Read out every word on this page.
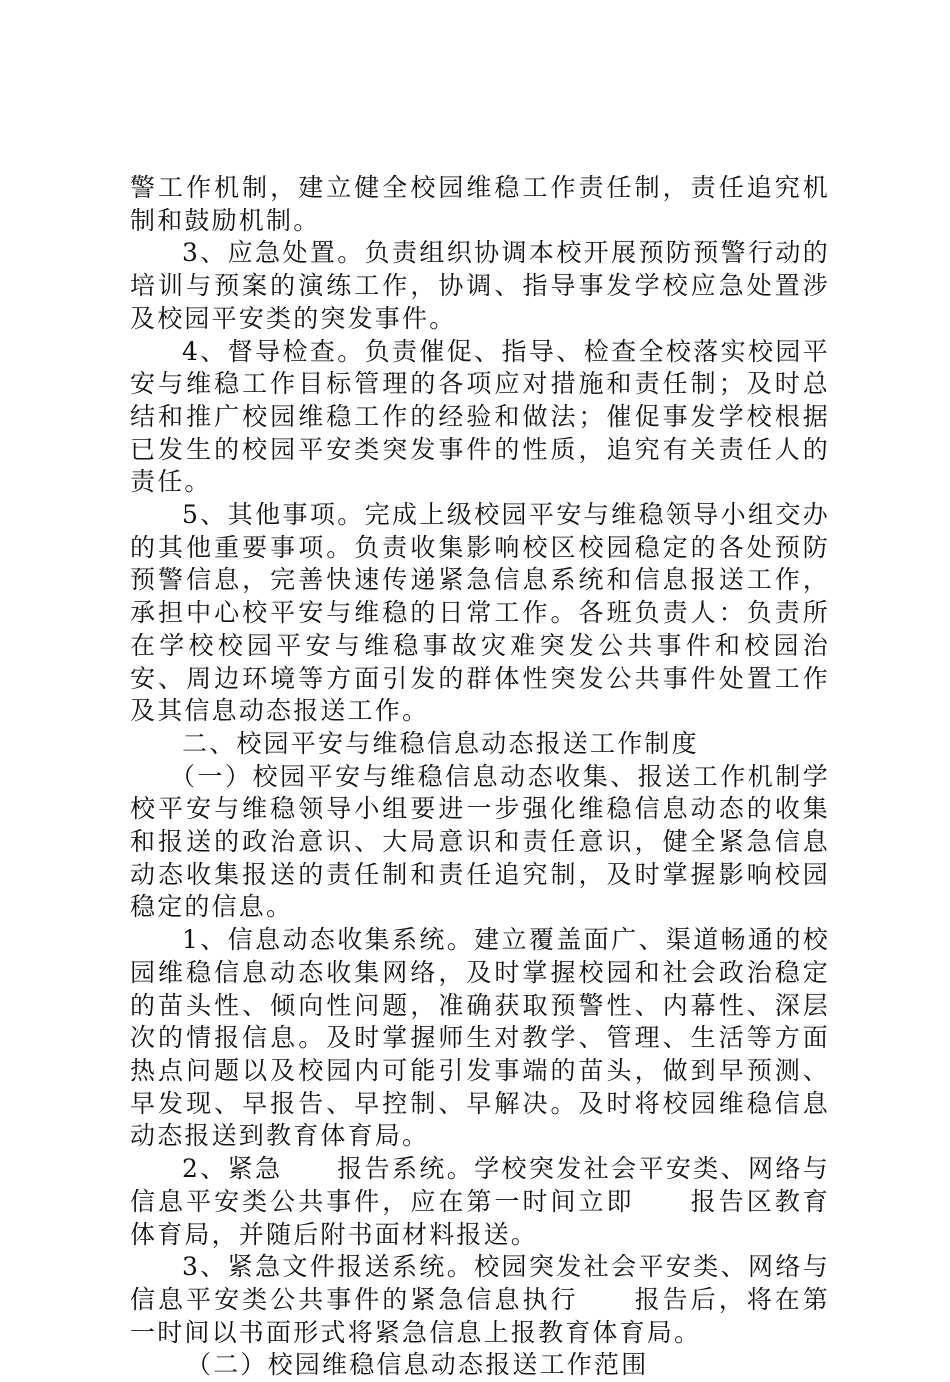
警工作机制，建立健全校园维稳工作责任制，责任追究机制和鼓励机制。

3、应急处置。负责组织协调本校开展预防预警行动的培训与预案的演练工作，协调、指导事发学校应急处置涉及校园平安类的突发事件。

4、督导检查。负责催促、指导、检查全校落实校园平安与维稳工作目标管理的各项应对措施和责任制；及时总结和推广校园维稳工作的经验和做法；催促事发学校根据已发生的校园平安类突发事件的性质，追究有关责任人的责任。

5、其他事项。完成上级校园平安与维稳领导小组交办的其他重要事项。负责收集影响校区校园稳定的各处预防预警信息，完善快速传递紧急信息系统和信息报送工作，承担中心校平安与维稳的日常工作。各班负责人：负责所在学校校园平安与维稳事故灾难突发公共事件和校园治安、周边环境等方面引发的群体性突发公共事件处置工作及其信息动态报送工作。

二、校园平安与维稳信息动态报送工作制度

（一）校园平安与维稳信息动态收集、报送工作机制学校平安与维稳领导小组要进一步强化维稳信息动态的收集和报送的政治意识、大局意识和责任意识，健全紧急信息动态收集报送的责任制和责任追究制，及时掌握影响校园稳定的信息。

1、信息动态收集系统。建立覆盖面广、渠道畅通的校园维稳信息动态收集网络，及时掌握校园和社会政治稳定的苗头性、倾向性问题，准确获取预警性、内幕性、深层次的情报信息。及时掌握师生对教学、管理、生活等方面热点问题以及校园内可能引发事端的苗头，做到早预测、早发现、早报告、早控制、早解决。及时将校园维稳信息动态报送到教育体育局。

2、紧急　　报告系统。学校突发社会平安类、网络与信息平安类公共事件，应在第一时间立即　　报告区教育体育局，并随后附书面材料报送。

3、紧急文件报送系统。校园突发社会平安类、网络与信息平安类公共事件的紧急信息执行　　报告后，将在第一时间以书面形式将紧急信息上报教育体育局。

（二）校园维稳信息动态报送工作范围
